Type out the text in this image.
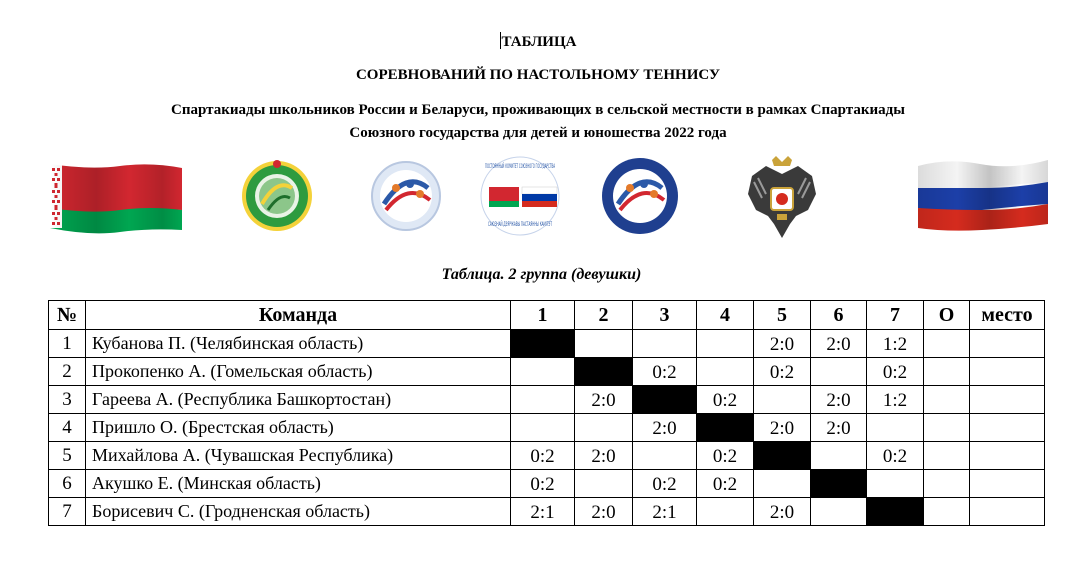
ТАБЛИЦА
СОРЕВНОВАНИЙ ПО НАСТОЛЬНОМУ ТЕННИСУ
Спартакиады школьников России и Беларуси, проживающих в сельской местности в рамках Спартакиады
Союзного государства для детей и юношества 2022 года
ПОСТОЯННЫЙ КОМИТЕТ СОЮЗНОГО ГОСУДАРСТВА
САЮЗНАЙ ДЗЯРЖАВЫ ПАСТАЯННЫ КАМІТЭТ
Таблица. 2 группа (девушки)
№	Команда	1	2	3	4	5	6	7	О	место
1	Кубанова П. (Челябинская область)					2:0	2:0	1:2		
2	Прокопенко А. (Гомельская область)			0:2		0:2		0:2		
3	Гареева А. (Республика Башкортостан)		2:0		0:2		2:0	1:2		
4	Пришло О. (Брестская область)			2:0		2:0	2:0			
5	Михайлова А. (Чувашская Республика)	0:2	2:0		0:2			0:2		
6	Акушко Е. (Минская область)	0:2		0:2	0:2					
7	Борисевич С. (Гродненская область)	2:1	2:0	2:1		2:0				
